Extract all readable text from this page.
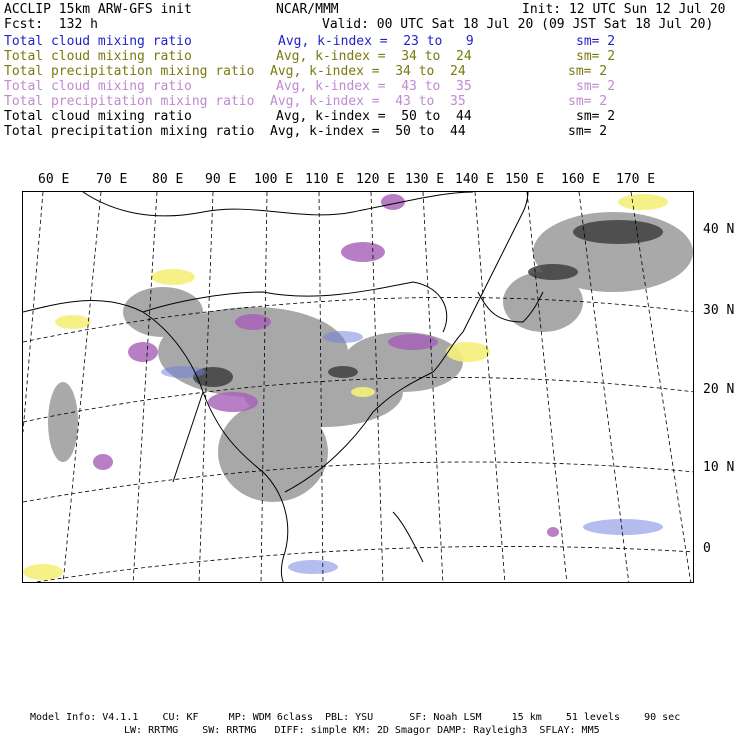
ACCLIP 15km ARW-GFS init	NCAR/MMM	Init: 12 UTC Sun 12 Jul 20
Fcst:  132 h	Valid: 00 UTC Sat 18 Jul 20 (09 JST Sat 18 Jul 20)
Total cloud mixing ratio	Avg, k-index =  23 to   9	sm= 2
Total cloud mixing ratio	Avg, k-index =  34 to  24	sm= 2
Total precipitation mixing ratio Avg, k-index =  34 to  24	sm= 2
Total cloud mixing ratio	Avg, k-index =  43 to  35	sm= 2
Total precipitation mixing ratio Avg, k-index =  43 to  35	sm= 2
Total cloud mixing ratio	Avg, k-index =  50 to  44	sm= 2
Total precipitation mixing ratio Avg, k-index =  50 to  44	sm= 2
60 E 70 E 80 E 90 E 100 E 110 E 120 E 130 E 140 E 150 E 160 E 170 E
40 N
30 N
20 N
10 N
0
Model Info: V4.1.1    CU: KF     MP: WDM 6class  PBL: YSU      SF: Noah LSM     15 km    51 levels    90 sec
LW: RRTMG    SW: RRTMG   DIFF: simple KM: 2D Smagor DAMP: Rayleigh3  SFLAY: MM5
